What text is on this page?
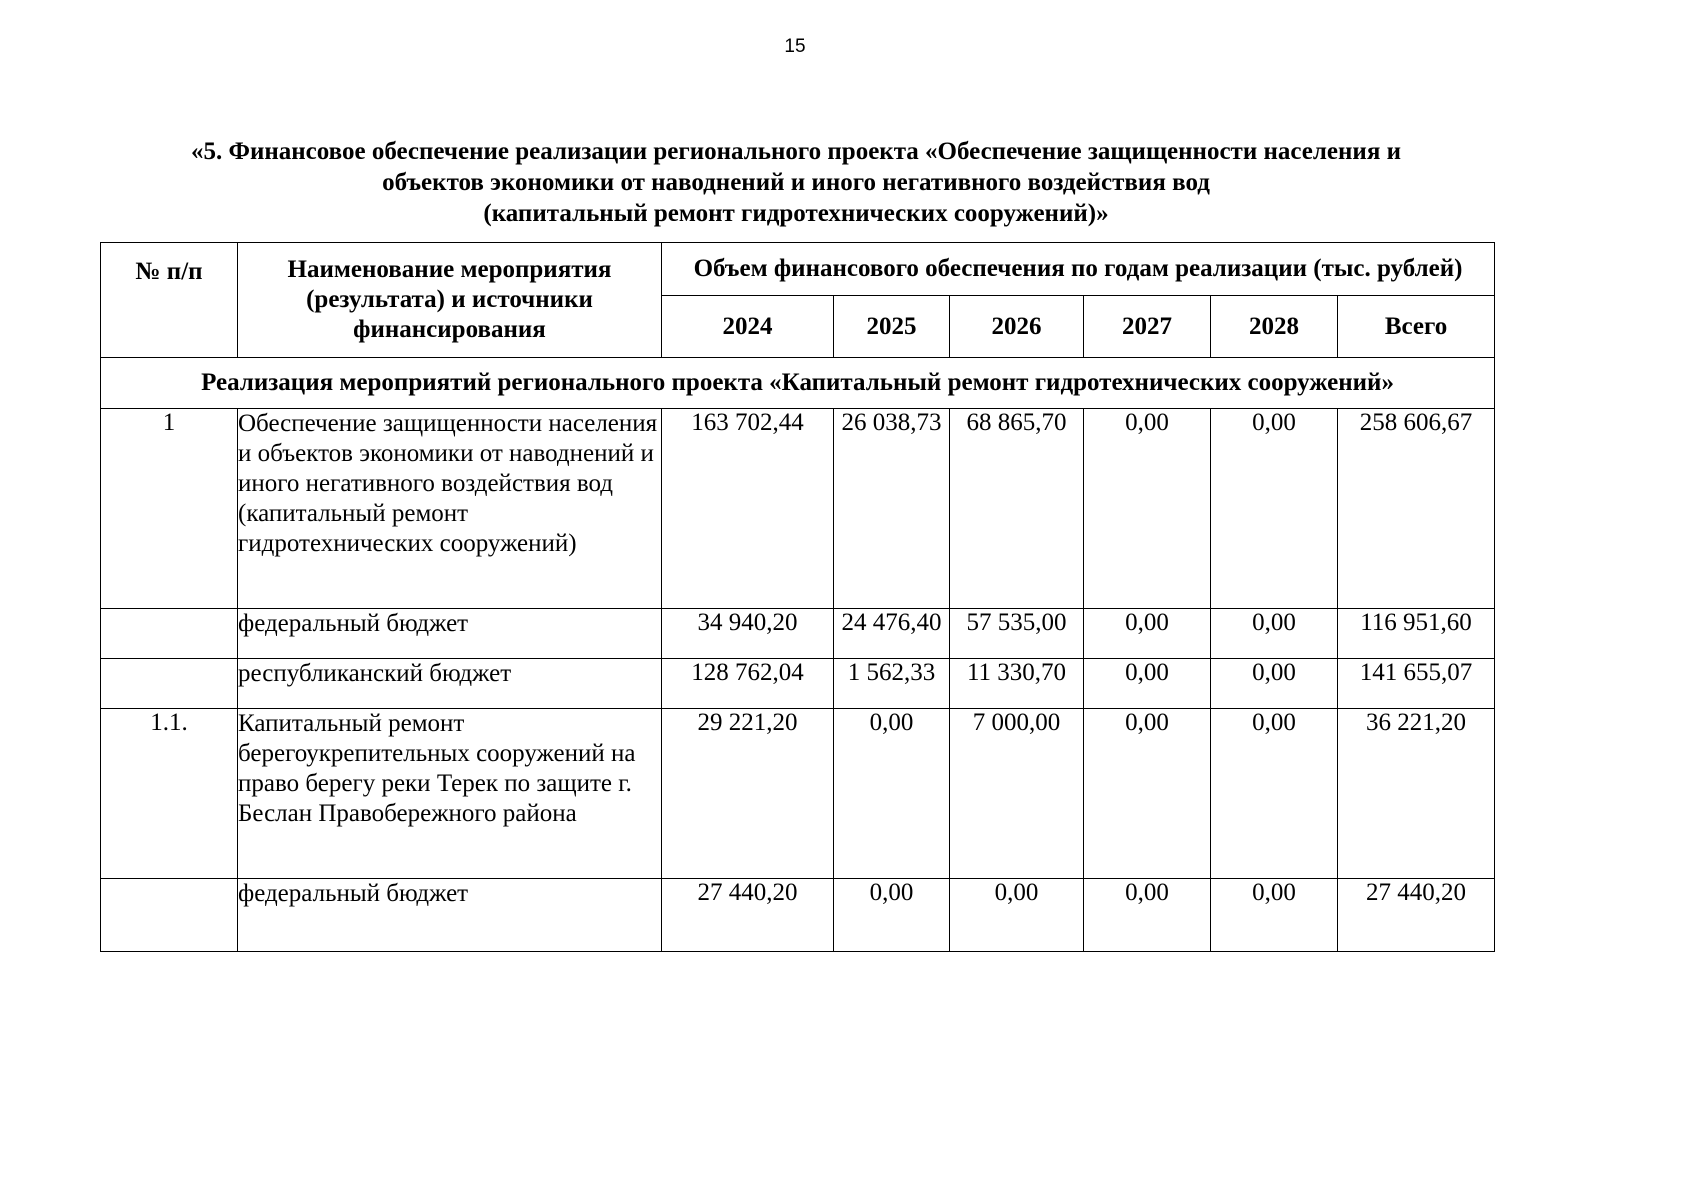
15
«5. Финансовое обеспечение реализации регионального проекта «Обеспечение защищенности населения и
объектов экономики от наводнений и иного негативного воздействия вод
(капитальный ремонт гидротехнических сооружений)»
№ п/п	Наименование мероприятия (результата) и источники финансирования	Объем финансового обеспечения по годам реализации (тыс. рублей)					
		2024	2025	2026	2027	2028	Всего
Реализация мероприятий регионального проекта «Капитальный ремонт гидротехнических сооружений»							
1	Обеспечение защищенности населения и объектов экономики от наводнений и иного негативного воздействия вод (капитальный ремонт гидротехнических сооружений)	163 702,44	26 038,73	68 865,70	0,00	0,00	258 606,67
	федеральный бюджет	34 940,20	24 476,40	57 535,00	0,00	0,00	116 951,60
	республиканский бюджет	128 762,04	1 562,33	11 330,70	0,00	0,00	141 655,07
1.1.	Капитальный ремонт берегоукрепительных сооружений на право берегу реки Терек по защите г. Беслан Правобережного района	29 221,20	0,00	7 000,00	0,00	0,00	36 221,20
	федеральный бюджет	27 440,20	0,00	0,00	0,00	0,00	27 440,20
